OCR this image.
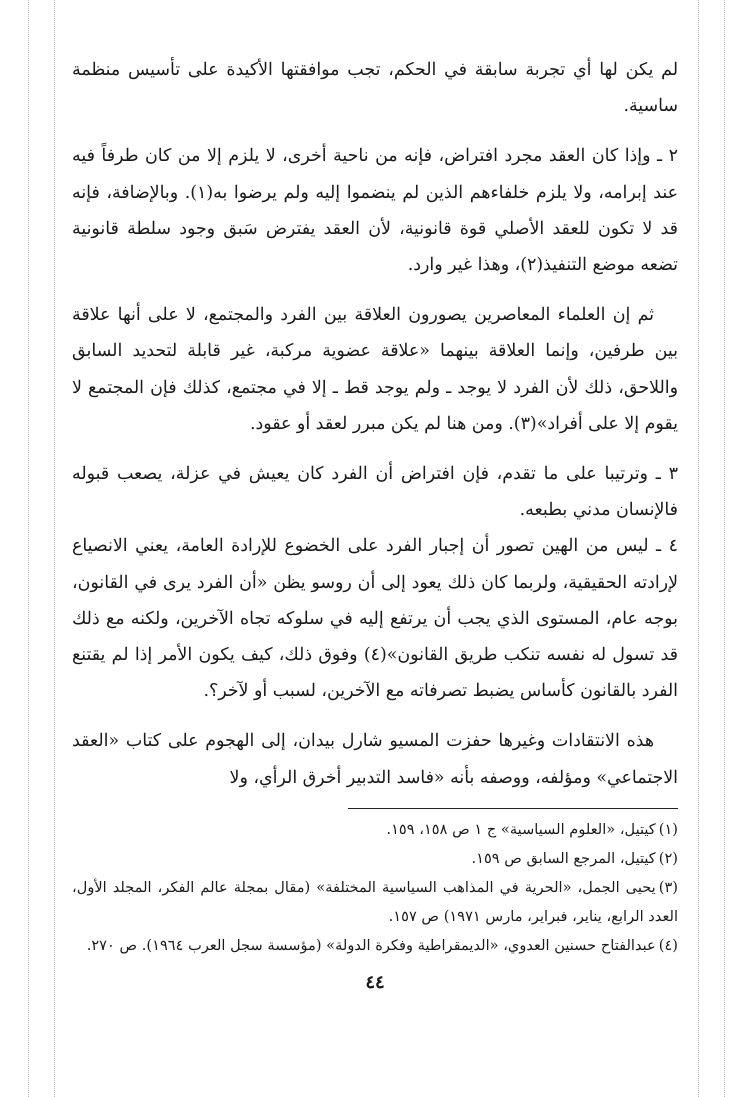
لم يكن لها أي تجربة سابقة في الحكم، تجب موافقتها الأكيدة على تأسيس منظمة ساسية.

٢ ـ وإذا كان العقد مجرد افتراض، فإنه من ناحية أخرى، لا يلزم إلا من كان طرفاً فيه عند إبرامه، ولا يلزم خلفاءهم الذين لم ينضموا إليه ولم يرضوا به(١). وبالإضافة، فإنه قد لا تكون للعقد الأصلي قوة قانونية، لأن العقد يفترض سَبق وجود سلطة قانونية تضعه موضع التنفيذ(٢)، وهذا غير وارد.

ثم إن العلماء المعاصرين يصورون العلاقة بين الفرد والمجتمع، لا على أنها علاقة بين طرفين، وإنما العلاقة بينهما «علاقة عضوية مركبة، غير قابلة لتحديد السابق واللاحق، ذلك لأن الفرد لا يوجد ـ ولم يوجد قط ـ إلا في مجتمع، كذلك فإن المجتمع لا يقوم إلا على أفراد»(٣). ومن هنا لم يكن مبرر لعقد أو عقود.

٣ ـ وترتيبا على ما تقدم، فإن افتراض أن الفرد كان يعيش في عزلة، يصعب قبوله فالإنسان مدني بطبعه.

٤ ـ ليس من الهين تصور أن إجبار الفرد على الخضوع للإرادة العامة، يعني الانصياع لإرادته الحقيقية، ولربما كان ذلك يعود إلى أن روسو يظن «أن الفرد يرى في القانون، بوجه عام، المستوى الذي يجب أن يرتفع إليه في سلوكه تجاه الآخرين، ولكنه مع ذلك قد تسول له نفسه تنكب طريق القانون»(٤) وفوق ذلك، كيف يكون الأمر إذا لم يقتنع الفرد بالقانون كأساس يضبط تصرفاته مع الآخرين، لسبب أو لآخر؟.

هذه الانتقادات وغيرها حفزت المسيو شارل بيدان، إلى الهجوم على كتاب «العقد الاجتماعي» ومؤلفه، ووصفه بأنه «فاسد التدبير أخرق الرأي، ولا

(١)كيتيل، «العلوم السياسية» ج ١ ص ١٥٨، ١٥٩.

(٢)كيتيل، المرجع السابق ص ١٥٩.

(٣)يحيى الجمل، «الحرية في المذاهب السياسية المختلفة» (مقال بمجلة عالم الفكر، المجلد الأول، العدد الرابع، يناير، فبراير، مارس ١٩٧١) ص ١٥٧.

(٤)عبدالفتاح حسنين العدوي، «الديمقراطية وفكرة الدولة» (مؤسسة سجل العرب ١٩٦٤). ص ٢٧٠.

٤٤
